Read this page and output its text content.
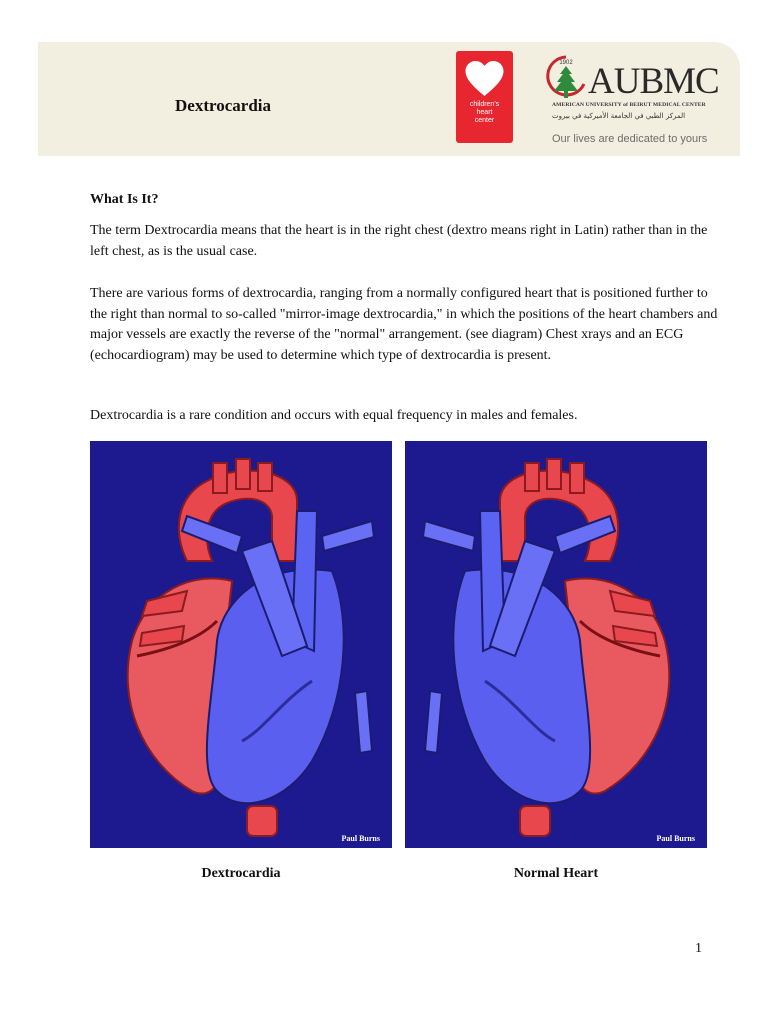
Dextrocardia	children's
heart
center
1902 AUBMC
AMERICAN UNIVERSITY of BEIRUT MEDICAL CENTER
المركز الطبي في الجامعة الأميركية في بيروت
Our lives are dedicated to yours
What Is It?

The term Dextrocardia means that the heart is in the right chest (dextro means right in Latin) rather than in the left chest, as is the usual case.

There are various forms of dextrocardia, ranging from a normally configured heart that is positioned further to the right than normal to so-called "mirror-image dextrocardia," in which the positions of the heart chambers and major vessels are exactly the reverse of the "normal" arrangement. (see diagram) Chest xrays and an ECG (echocardiogram) may be used to determine which type of dextrocardia is present.

Dextrocardia is a rare condition and occurs with equal frequency in males and females.

Paul Burns	Paul Burns
Dextrocardia	Normal Heart
1
